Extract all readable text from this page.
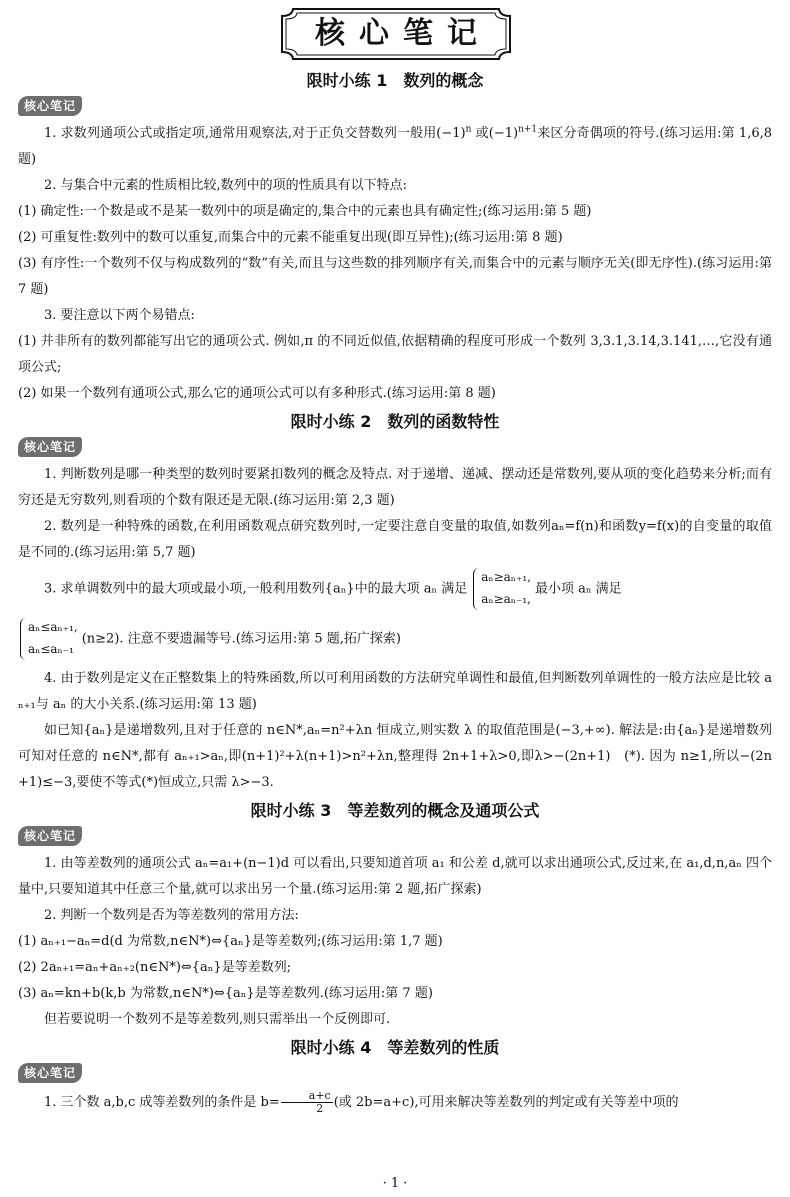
核心笔记
限时小练 1　数列的概念
核心笔记
1. 求数列通项公式或指定项,通常用观察法,对于正负交替数列一般用$(-1)^n$ 或$(-1)^{n+1}$来区分奇偶项的符号.(练习运用:第 1,6,8 题)
2. 与集合中元素的性质相比较,数列中的项的性质具有以下特点:
(1) 确定性:一个数是或不是某一数列中的项是确定的,集合中的元素也具有确定性;(练习运用:第 5 题)
(2) 可重复性:数列中的数可以重复,而集合中的元素不能重复出现(即互异性);(练习运用:第 8 题)
(3) 有序性:一个数列不仅与构成数列的“数”有关,而且与这些数的排列顺序有关,而集合中的元素与顺序无关(即无序性).(练习运用:第 7 题)
3. 要注意以下两个易错点:
(1) 并非所有的数列都能写出它的通项公式. 例如,π 的不同近似值,依据精确的程度可形成一个数列 3,3.1,3.14,3.141,…,它没有通项公式;
(2) 如果一个数列有通项公式,那么它的通项公式可以有多种形式.(练习运用:第 8 题)
限时小练 2　数列的函数特性
核心笔记
1. 判断数列是哪一种类型的数列时要紧扣数列的概念及特点. 对于递增、递减、摆动还是常数列,要从项的变化趋势来分析;而有穷还是无穷数列,则看项的个数有限还是无限.(练习运用:第 2,3 题)
2. 数列是一种特殊的函数,在利用函数观点研究数列时,一定要注意自变量的取值,如数列aₙ=f(n)和函数y=f(x)的自变量的取值是不同的.(练习运用:第 5,7 题)
3. 求单调数列中的最大项或最小项,一般利用数列{aₙ}中的最大项 aₙ 满足
aₙ≥aₙ₊₁,
aₙ≥aₙ₋₁,
最小项 aₙ 满足
aₙ≤aₙ₊₁,
aₙ≤aₙ₋₁
(n≥2). 注意不要遗漏等号.(练习运用:第 5 题,拓广探索)
4. 由于数列是定义在正整数集上的特殊函数,所以可利用函数的方法研究单调性和最值,但判断数列单调性的一般方法应是比较 aₙ₊₁与 aₙ 的大小关系.(练习运用:第 13 题)
如已知{aₙ}是递增数列,且对于任意的 n∈N*,aₙ=n²+λn 恒成立,则实数 λ 的取值范围是(−3,+∞). 解法是:由{aₙ}是递增数列可知对任意的 n∈N*,都有 aₙ₊₁>aₙ,即(n+1)²+λ(n+1)>n²+λn,整理得 2n+1+λ>0,即λ>−(2n+1)　(*). 因为 n≥1,所以−(2n+1)≤−3,要使不等式(*)恒成立,只需 λ>−3.
限时小练 3　等差数列的概念及通项公式
核心笔记
1. 由等差数列的通项公式 aₙ=a₁+(n−1)d 可以看出,只要知道首项 a₁ 和公差 d,就可以求出通项公式,反过来,在 a₁,d,n,aₙ 四个量中,只要知道其中任意三个量,就可以求出另一个量.(练习运用:第 2 题,拓广探索)
2. 判断一个数列是否为等差数列的常用方法:
(1) aₙ₊₁−aₙ=d(d 为常数,n∈N*)⇔{aₙ}是等差数列;(练习运用:第 1,7 题)
(2) 2aₙ₊₁=aₙ+aₙ₊₂(n∈N*)⇔{aₙ}是等差数列;
(3) aₙ=kn+b(k,b 为常数,n∈N*)⇔{aₙ}是等差数列.(练习运用:第 7 题)
但若要说明一个数列不是等差数列,则只需举出一个反例即可.
限时小练 4　等差数列的性质
核心笔记
1. 三个数 a,b,c 成等差数列的条件是 $b= \frac{a+c}{2}$ (或 2b=a+c),可用来解决等差数列的判定或有关等差中项的
· 1 ·
